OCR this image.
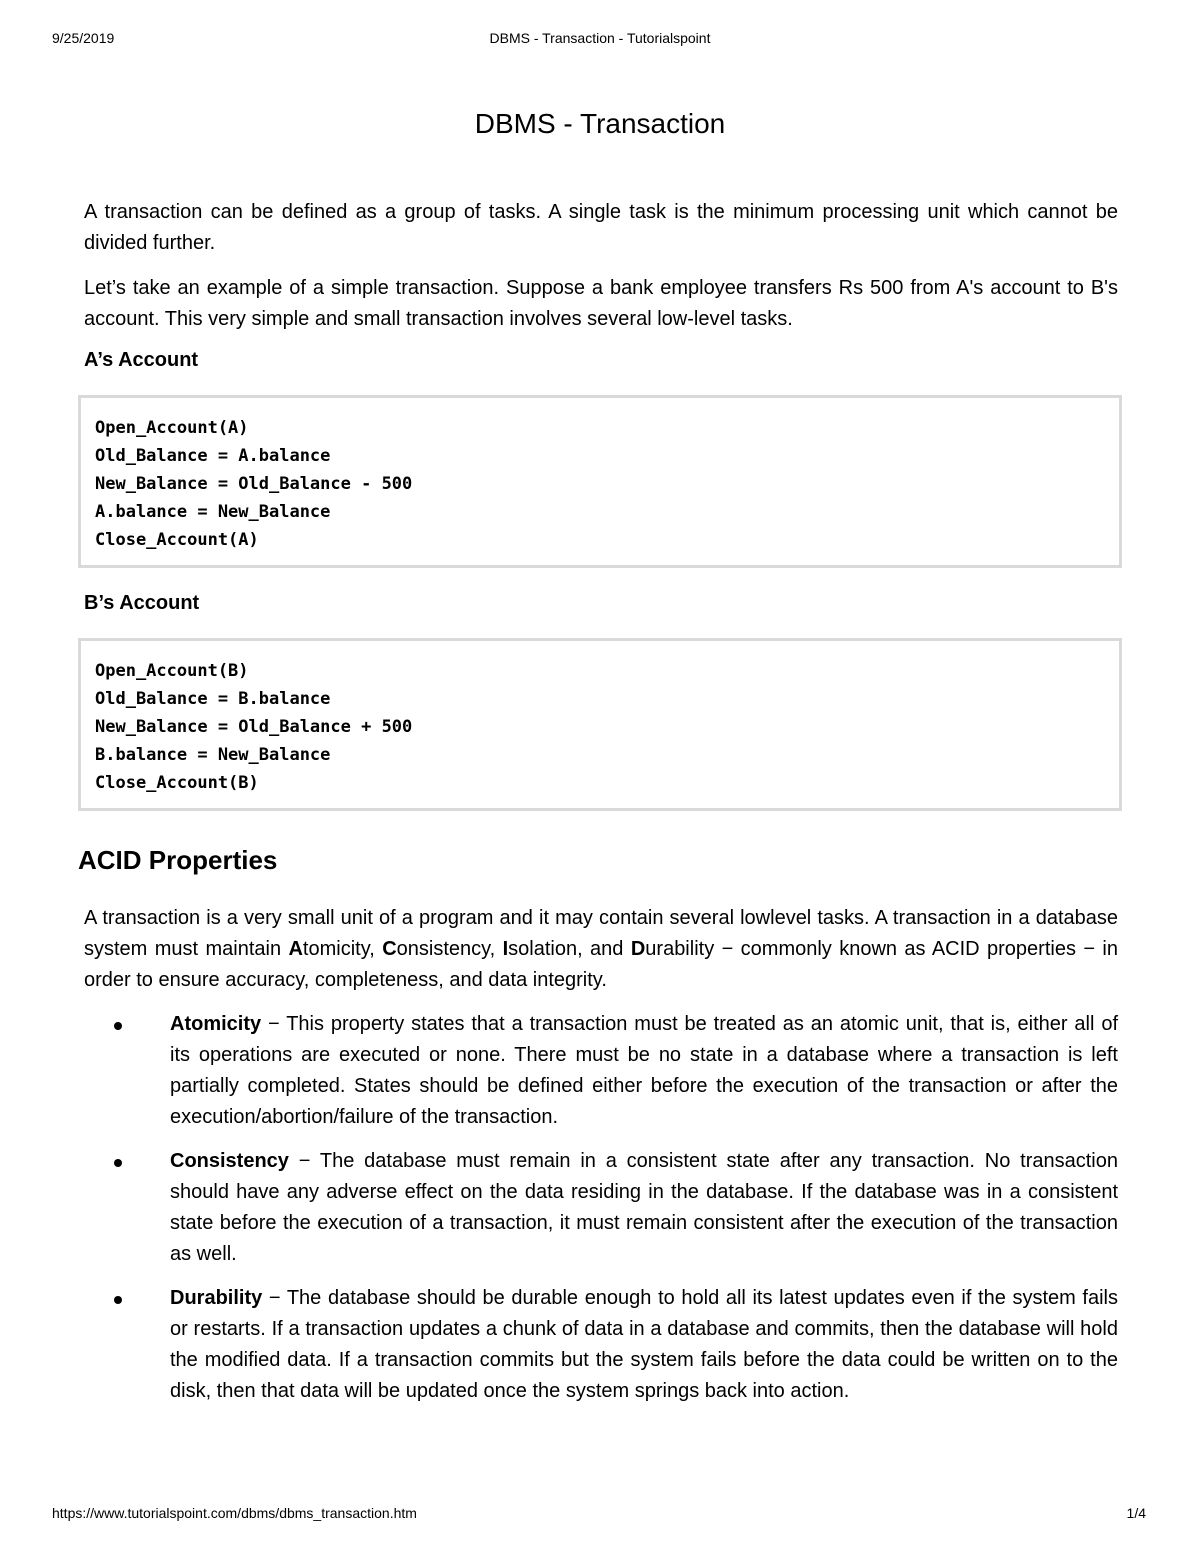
9/25/2019	DBMS - Transaction - Tutorialspoint
DBMS - Transaction

A transaction can be defined as a group of tasks. A single task is the minimum processing unit which cannot be divided further.

Let’s take an example of a simple transaction. Suppose a bank employee transfers Rs 500 from A's account to B's account. This very simple and small transaction involves several low-level tasks.

A’s Account
Open_Account(A)
Old_Balance = A.balance
New_Balance = Old_Balance - 500
A.balance = New_Balance
Close_Account(A)
B’s Account
Open_Account(B)
Old_Balance = B.balance
New_Balance = Old_Balance + 500
B.balance = New_Balance
Close_Account(B)
ACID Properties

A transaction is a very small unit of a program and it may contain several lowlevel tasks. A transaction in a database system must maintain Atomicity, Consistency, Isolation, and Durability − commonly known as ACID properties − in order to ensure accuracy, completeness, and data integrity.

Atomicity − This property states that a transaction must be treated as an atomic unit, that is, either all of its operations are executed or none. There must be no state in a database where a transaction is left partially completed. States should be defined either before the execution of the transaction or after the execution/abortion/failure of the transaction.

Consistency − The database must remain in a consistent state after any transaction. No transaction should have any adverse effect on the data residing in the database. If the database was in a consistent state before the execution of a transaction, it must remain consistent after the execution of the transaction as well.

Durability − The database should be durable enough to hold all its latest updates even if the system fails or restarts. If a transaction updates a chunk of data in a database and commits, then the database will hold the modified data. If a transaction commits but the system fails before the data could be written on to the disk, then that data will be updated once the system springs back into action.

https://www.tutorialspoint.com/dbms/dbms_transaction.htm	1/4
